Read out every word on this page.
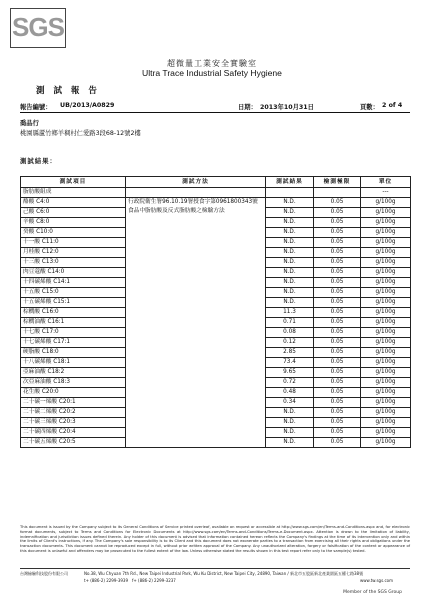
SGS
超微量工業安全實驗室
Ultra Trace Industrial Safety Hygiene
測 試 報 告
報告編號： UB/2013/A0829	日期： 2013年10月31日	頁數： 2 of 4
喬品行
桃園縣蘆竹鄉羊稠村仁愛路3段68-12號2樓
測試結果：
測試項目	測試方法	測試結果	檢測極限	單位
脂肪酸組成				---
酪酸 C4:0	行政院衛生署96.10.19署授食字第0961800343號
食品中脂肪酸及反式脂肪酸之檢驗方法	N.D.	0.05	g/100g
己酸 C6:0		N.D.	0.05	g/100g
辛酸 C8:0		N.D.	0.05	g/100g
癸酸 C10:0		N.D.	0.05	g/100g
十一酸 C11:0		N.D.	0.05	g/100g
月桂酸 C12:0		N.D.	0.05	g/100g
十三酸 C13:0		N.D.	0.05	g/100g
肉豆蔻酸 C14:0		N.D.	0.05	g/100g
十四碳烯酸 C14:1		N.D.	0.05	g/100g
十五酸 C15:0		N.D.	0.05	g/100g
十五碳烯酸 C15:1		N.D.	0.05	g/100g
棕櫚酸 C16:0		11.3	0.05	g/100g
棕櫚油酸 C16:1		0.71	0.05	g/100g
十七酸 C17:0		0.08	0.05	g/100g
十七碳烯酸 C17:1		0.12	0.05	g/100g
硬脂酸 C18:0		2.85	0.05	g/100g
十八碳烯酸 C18:1		73.4	0.05	g/100g
亞麻油酸 C18:2		9.65	0.05	g/100g
次亞麻油酸 C18:3		0.72	0.05	g/100g
花生酸 C20:0		0.48	0.05	g/100g
二十碳一烯酸 C20:1		0.34	0.05	g/100g
二十碳二烯酸 C20:2		N.D.	0.05	g/100g
二十碳三烯酸 C20:3		N.D.	0.05	g/100g
二十碳四烯酸 C20:4		N.D.	0.05	g/100g
二十碳五烯酸 C20:5		N.D.	0.05	g/100g
This document is issued by the Company subject to its General Conditions of Service printed overleaf, available on request or accessible at http://www.sgs.com/en/Terms-and-Conditions.aspx and, for electronic format documents, subject to Terms and Conditions for Electronic Documents at http://www.sgs.com/en/Terms-and-Conditions/Terms-e-Document.aspx. Attention is drawn to the limitation of liability, indemnification and jurisdiction issues defined therein. Any holder of this document is advised that information contained hereon reflects the Company's findings at the time of its intervention only and within the limits of Client's instructions, if any. The Company's sole responsibility is to its Client and this document does not exonerate parties to a transaction from exercising all their rights and obligations under the transaction documents. This document cannot be reproduced except in full, without prior written approval of the Company. Any unauthorized alteration, forgery or falsification of the content or appearance of this document is unlawful and offenders may be prosecuted to the fullest extent of the law. Unless otherwise stated the results shown in this test report refer only to the sample(s) tested.
台灣檢驗科技股份有限公司	No.38, Wu Chyuan 7th Rd., New Taipei Industrial Park, Wu Ku District, New Taipei City, 24890, Taiwan / 新北市五股區新北產業園區五權七路38號
t+ (886-2) 2299-3939 f+ (886-2) 2299-3237	www.tw.sgs.com
Member of the SGS Group
